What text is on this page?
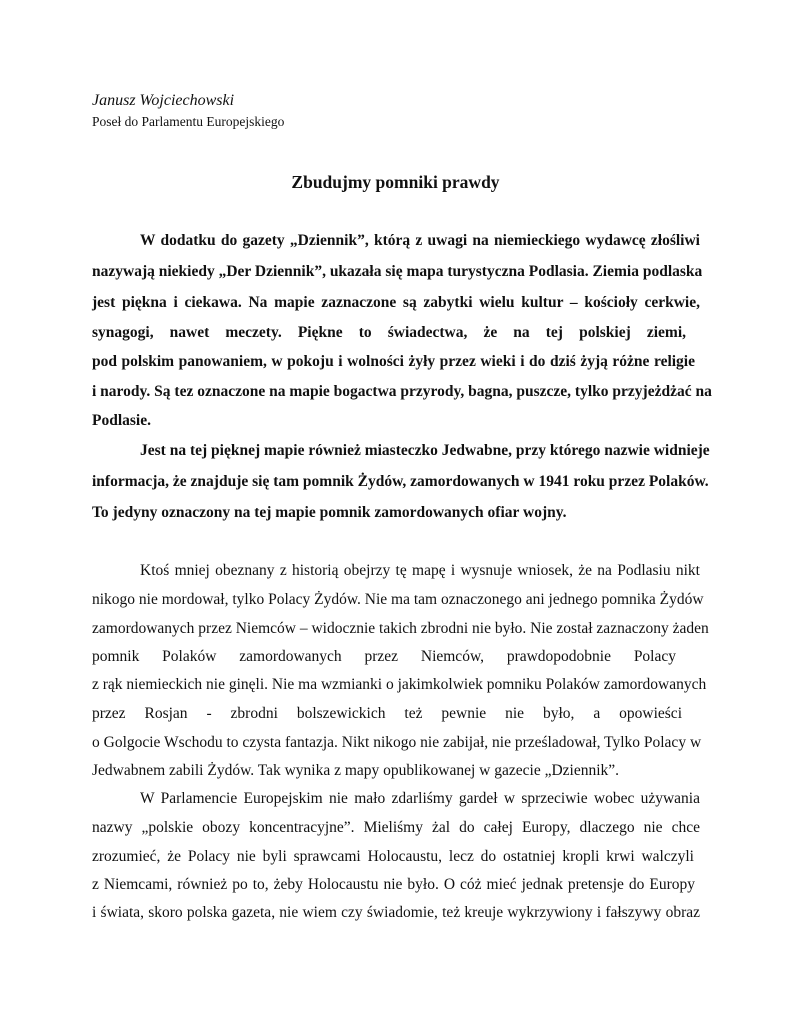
Janusz Wojciechowski
Poseł do Parlamentu Europejskiego
Zbudujmy pomniki prawdy
W dodatku do gazety „Dziennik”, którą z uwagi na niemieckiego wydawcę złośliwi
nazywają niekiedy „Der Dziennik”, ukazała się mapa turystyczna Podlasia. Ziemia podlaska
jest piękna i ciekawa. Na mapie zaznaczone są zabytki wielu kultur – kościoły cerkwie,
synagogi, nawet meczety. Piękne to świadectwa, że na tej polskiej ziemi,
pod polskim panowaniem, w pokoju i wolności żyły przez wieki i do dziś żyją różne religie
i narody. Są tez oznaczone na mapie bogactwa przyrody, bagna, puszcze, tylko przyjeżdżać na
Podlasie.
Jest na tej pięknej mapie również miasteczko Jedwabne, przy którego nazwie widnieje
informacja, że znajduje się tam pomnik Żydów, zamordowanych w 1941 roku przez Polaków.
To jedyny oznaczony na tej mapie pomnik zamordowanych ofiar wojny.
Ktoś mniej obeznany z historią obejrzy tę mapę i wysnuje wniosek, że na Podlasiu nikt
nikogo nie mordował, tylko Polacy Żydów. Nie ma tam oznaczonego ani jednego pomnika Żydów
zamordowanych przez Niemców – widocznie takich zbrodni nie było. Nie został zaznaczony żaden
pomnik Polaków zamordowanych przez Niemców, prawdopodobnie Polacy
z rąk niemieckich nie ginęli. Nie ma wzmianki o jakimkolwiek pomniku Polaków zamordowanych
przez Rosjan - zbrodni bolszewickich też pewnie nie było, a opowieści
o Golgocie Wschodu to czysta fantazja. Nikt nikogo nie zabijał, nie prześladował, Tylko Polacy w
Jedwabnem zabili Żydów. Tak wynika z mapy opublikowanej w gazecie „Dziennik”.
W Parlamencie Europejskim nie mało zdarliśmy gardeł w sprzeciwie wobec używania
nazwy „polskie obozy koncentracyjne”. Mieliśmy żal do całej Europy, dlaczego nie chce
zrozumieć, że Polacy nie byli sprawcami Holocaustu, lecz do ostatniej kropli krwi walczyli
z Niemcami, również po to, żeby Holocaustu nie było. O cóż mieć jednak pretensje do Europy
i świata, skoro polska gazeta, nie wiem czy świadomie, też kreuje wykrzywiony i fałszywy obraz
